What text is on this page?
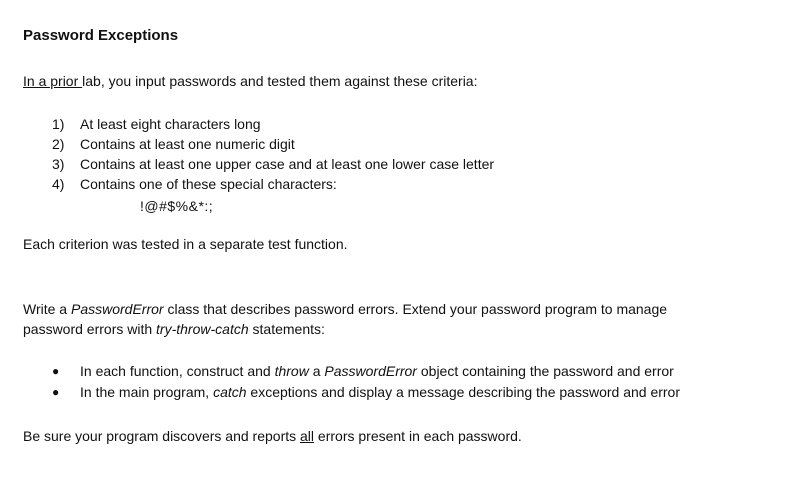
Password Exceptions
In a prior lab, you input passwords and tested them against these criteria:
1)	At least eight characters long
2)	Contains at least one numeric digit
3)	Contains at least one upper case and at least one lower case letter
4)	Contains one of these special characters:
!@#$%&*:;
Each criterion was tested in a separate test function.
Write a PasswordError class that describes password errors. Extend your password program to manage
password errors with try-throw-catch statements:
●	In each function, construct and throw a PasswordError object containing the password and error
●	In the main program, catch exceptions and display a message describing the password and error
Be sure your program discovers and reports all errors present in each password.
